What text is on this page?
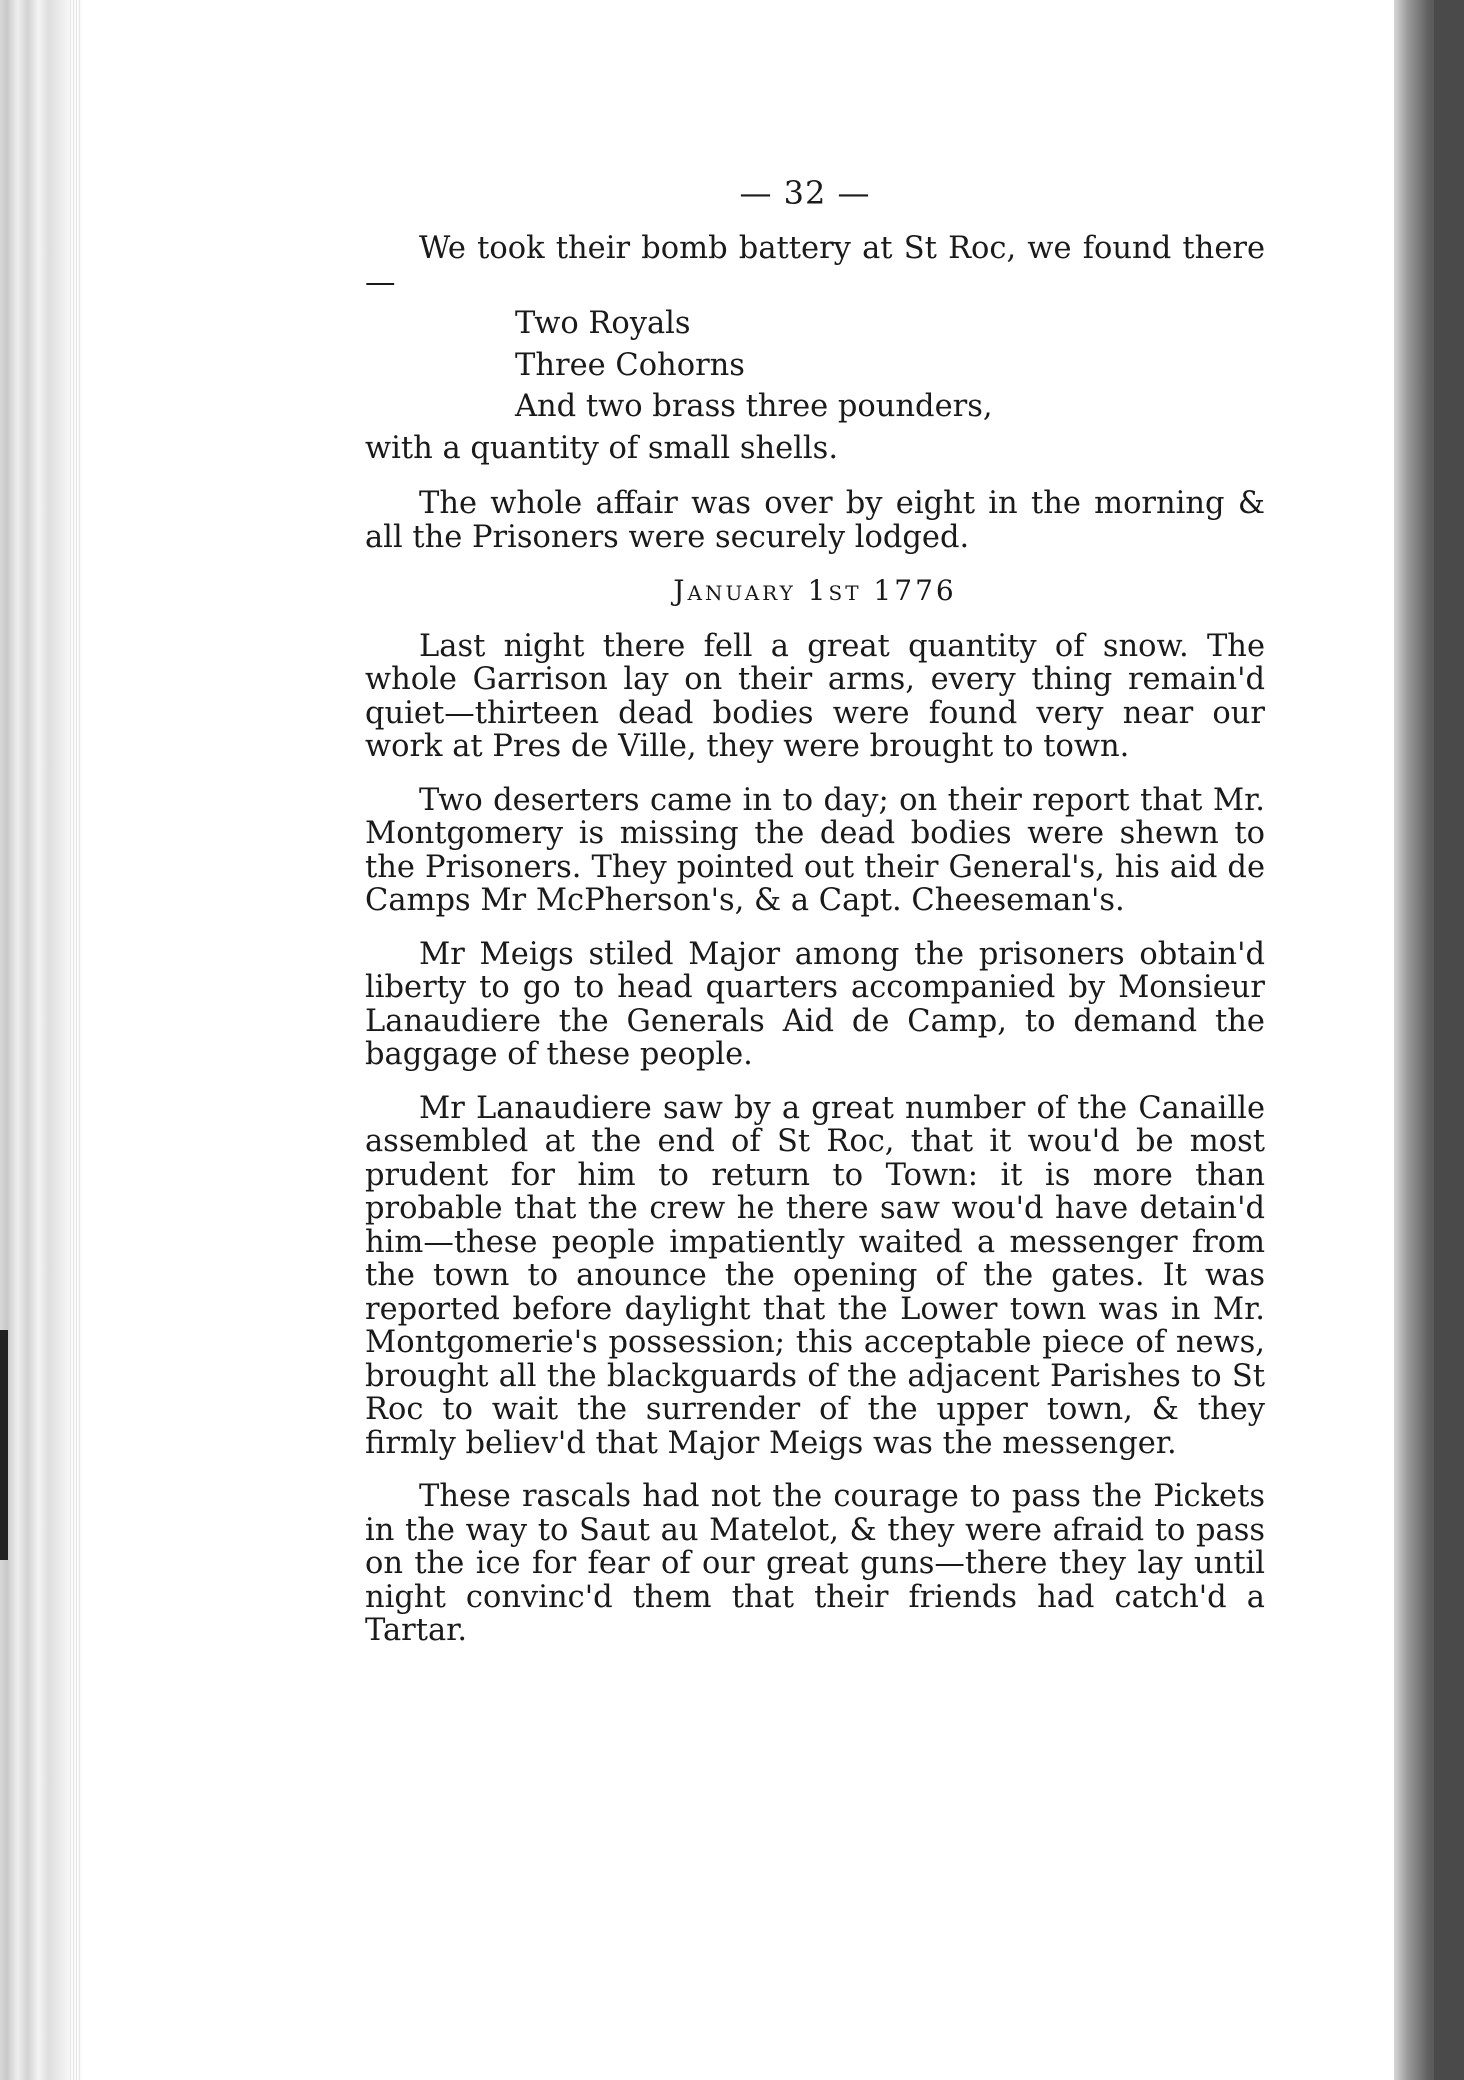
— 32 —

We took their bomb battery at St Roc, we found there—

Two Royals
Three Cohorns
And two brass three pounders,

with a quantity of small shells.

The whole affair was over by eight in the morning & all the Prisoners were securely lodged.

January 1st 1776

Last night there fell a great quantity of snow. The whole Garrison lay on their arms, every thing remain'd quiet—thirteen dead bodies were found very near our work at Pres de Ville, they were brought to town.

Two deserters came in to day; on their report that Mr. Montgomery is missing the dead bodies were shewn to the Prisoners. They pointed out their General's, his aid de Camps Mr McPherson's, & a Capt. Cheeseman's.

Mr Meigs stiled Major among the prisoners obtain'd liberty to go to head quarters accompanied by Monsieur Lanaudiere the Generals Aid de Camp, to demand the baggage of these people.

Mr Lanaudiere saw by a great number of the Canaille assembled at the end of St Roc, that it wou'd be most prudent for him to return to Town: it is more than probable that the crew he there saw wou'd have detain'd him—these people impatiently waited a messenger from the town to anounce the opening of the gates. It was reported before daylight that the Lower town was in Mr. Montgomerie's possession; this acceptable piece of news, brought all the blackguards of the adjacent Parishes to St Roc to wait the surrender of the upper town, & they firmly believ'd that Major Meigs was the messenger.

These rascals had not the courage to pass the Pickets in the way to Saut au Matelot, & they were afraid to pass on the ice for fear of our great guns—there they lay until night convinc'd them that their friends had catch'd a Tartar.
